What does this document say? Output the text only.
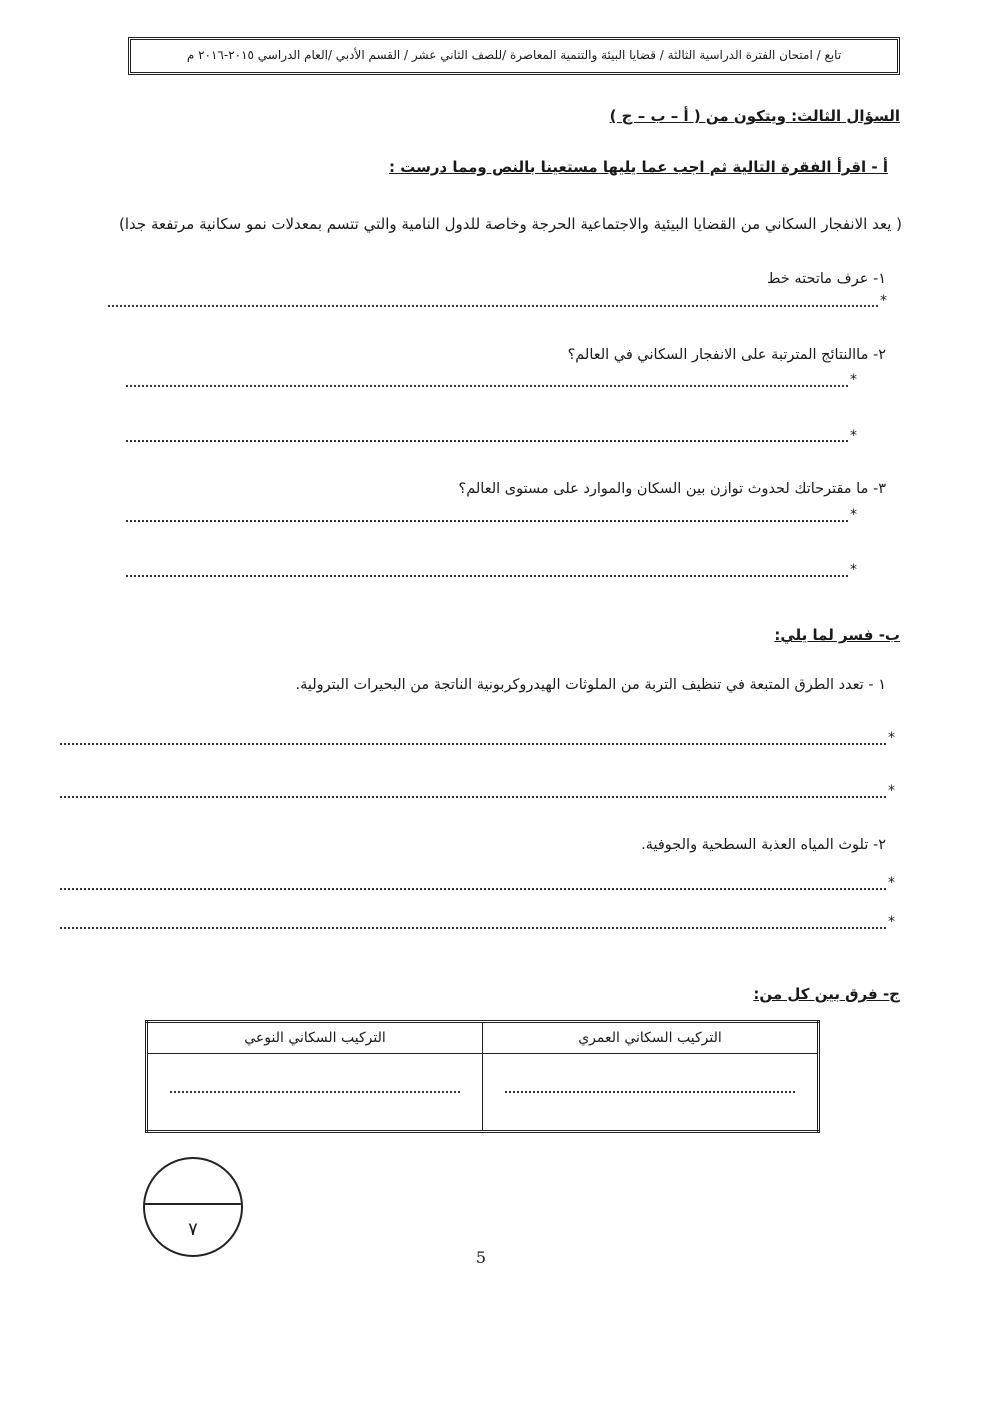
تابع / امتحان الفترة الدراسية الثالثة / قضايا البيئة والتنمية المعاصرة /للصف الثاني عشر / القسم الأدبي /العام الدراسي ٢٠١٥-٢٠١٦ م
السؤال الثالث: ويتكون من ( أ – ب – ج )
أ - اقرأ الفقرة التالية ثم اجب عما يليها مستعينا بالنص ومما درست :
( يعد الانفجار السكاني من القضايا البيئية والاجتماعية الحرجة وخاصة للدول النامية والتي تتسم بمعدلات نمو سكانية مرتفعة جدا)
١- عرف ماتحته خط
*
٢- ماالنتائج المترتبة على الانفجار السكاني في العالم؟
*
*
٣- ما مقترحاتك لحدوث توازن بين السكان والموارد على مستوى العالم؟
*
*
ب- فسر لما يلي:
١ - تعدد الطرق المتبعة في تنظيف التربة من الملوثات الهيدروكربونية الناتجة من البحيرات البترولية.
*
*
٢- تلوث المياه العذبة السطحية والجوفية.
*
*
ج- فرق بين كل من:
التركيب السكاني العمري	التركيب السكاني النوعي

٧
5
